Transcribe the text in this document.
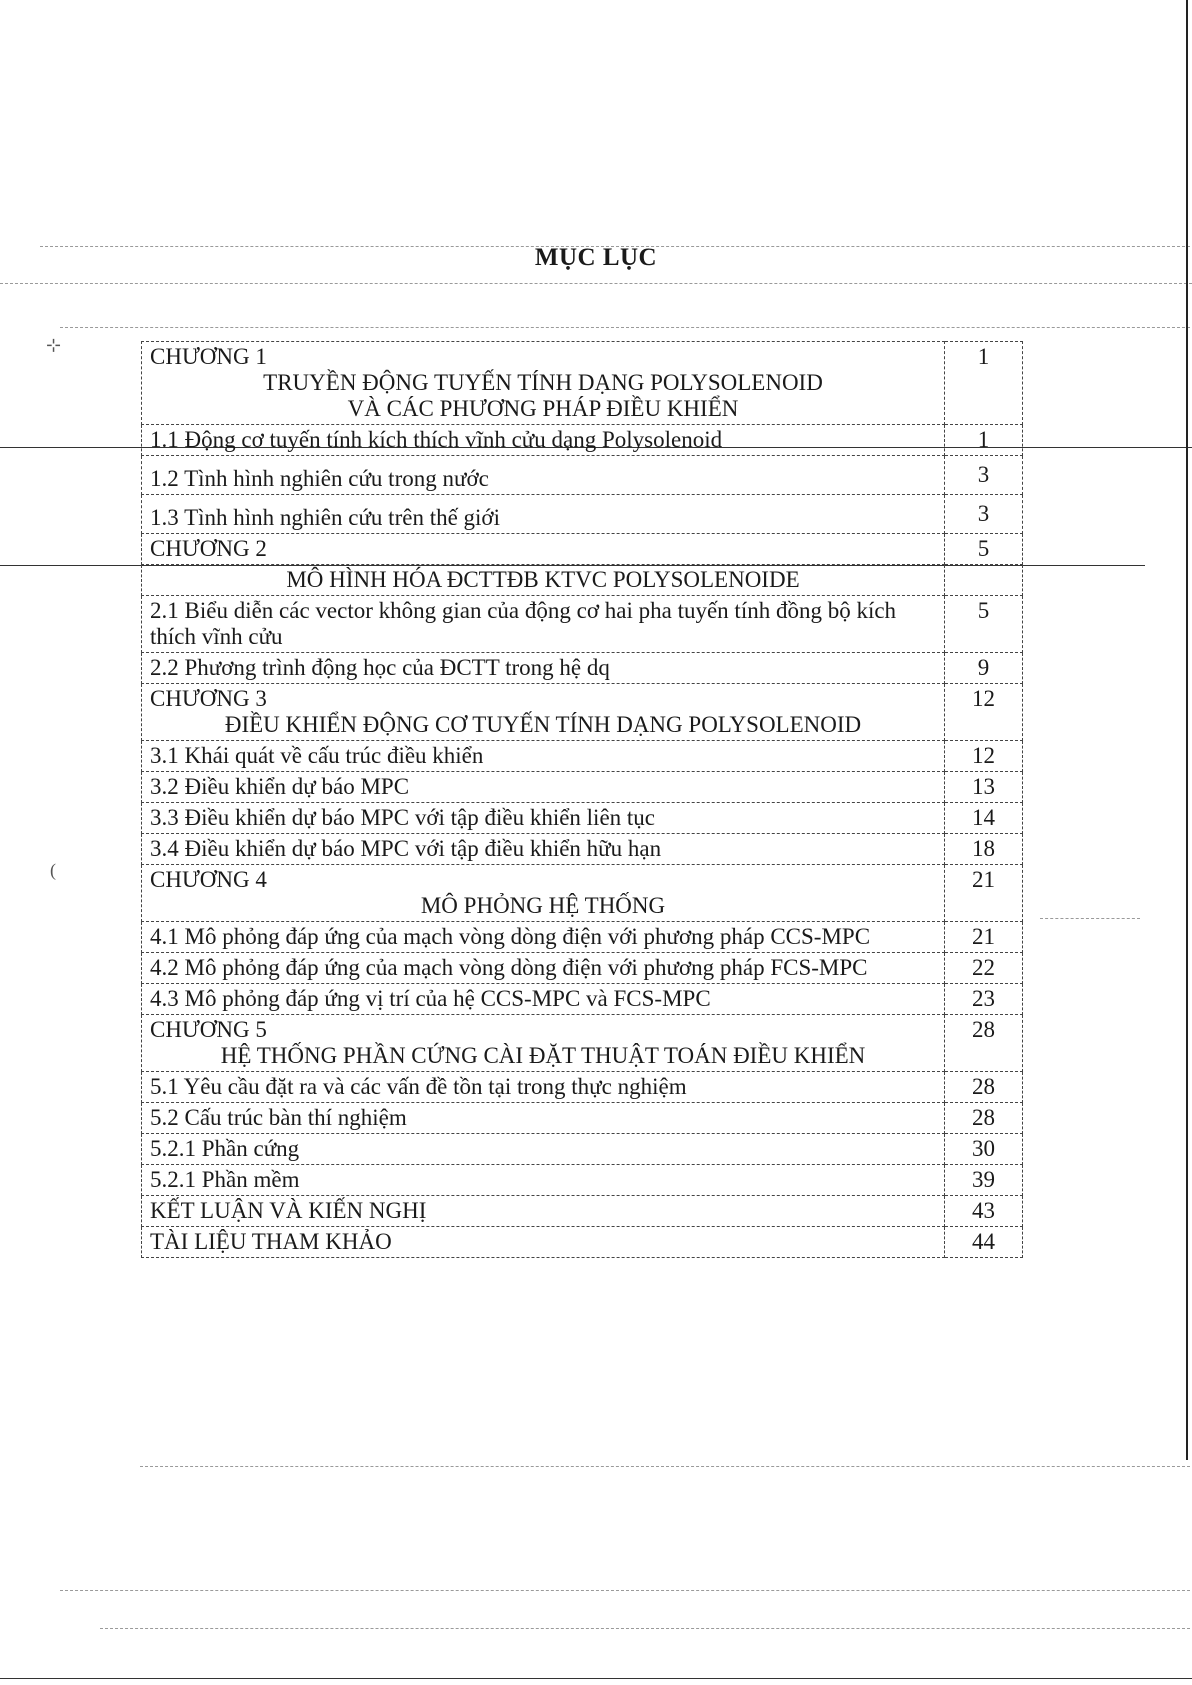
⊹
(
MỤC LỤC
CHƯƠNG 1
TRUYỀN ĐỘNG TUYẾN TÍNH DẠNG POLYSOLENOID
VÀ CÁC PHƯƠNG PHÁP ĐIỀU KHIỂN	1
1.1 Động cơ tuyến tính kích thích vĩnh cửu dạng Polysolenoid	1
1.2 Tình hình nghiên cứu trong nước	3
1.3 Tình hình nghiên cứu trên thế giới	3
CHƯƠNG 2	5
MÔ HÌNH HÓA ĐCTTĐB KTVC POLYSOLENOIDE	
2.1 Biểu diễn các vector không gian của động cơ hai pha tuyến tính đồng bộ kích thích vĩnh cửu	5
2.2 Phương trình động học của ĐCTT trong hệ dq	9

CHƯƠNG 3
ĐIỀU KHIỂN ĐỘNG CƠ TUYẾN TÍNH DẠNG POLYSOLENOID	12
3.1 Khái quát về cấu trúc điều khiển	12
3.2 Điều khiển dự báo MPC	13
3.3 Điều khiển dự báo MPC với tập điều khiển liên tục	14
3.4 Điều khiển dự báo MPC với tập điều khiển hữu hạn	18

CHƯƠNG 4
MÔ PHỎNG HỆ THỐNG	21
4.1 Mô phỏng đáp ứng của mạch vòng dòng điện với phương pháp CCS-MPC	21
4.2 Mô phỏng đáp ứng của mạch vòng dòng điện với phương pháp FCS-MPC	22
4.3 Mô phỏng đáp ứng vị trí của hệ CCS-MPC và FCS-MPC	23

CHƯƠNG 5
HỆ THỐNG PHẦN CỨNG CÀI ĐẶT THUẬT TOÁN ĐIỀU KHIỂN	28
5.1 Yêu cầu đặt ra và các vấn đề tồn tại trong thực nghiệm	28
5.2 Cấu trúc bàn thí nghiệm	28
5.2.1 Phần cứng	30
5.2.1 Phần mềm	39
KẾT LUẬN VÀ KIẾN NGHỊ	43
TÀI LIỆU THAM KHẢO	44
